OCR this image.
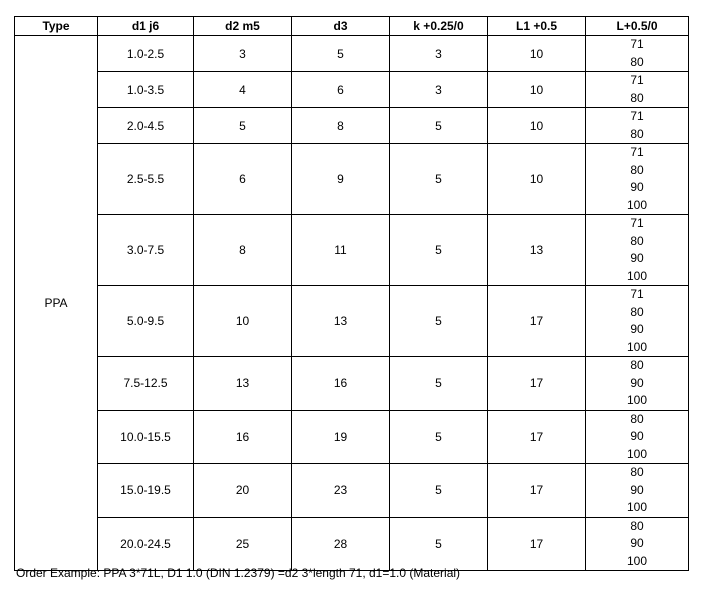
Type	d1 j6	d2 m5	d3	k +0.25/0	L1 +0.5	L+0.5/0
PPA	1.0-2.5	3	5	3	10	71
80

	1.0-3.5	4	6	3	10	71
80

	2.0-4.5	5	8	5	10	71
80

	2.5-5.5	6	9	5	10	71
80
90
100

	3.0-7.5	8	11	5	13	71
80
90
100

	5.0-9.5	10	13	5	17	71
80
90
100

	7.5-12.5	13	16	5	17	80
90
100

	10.0-15.5	16	19	5	17	80
90
100

	15.0-19.5	20	23	5	17	80
90
100

	20.0-24.5	25	28	5	17	80
90
100
Order Example: PPA 3*71L, D1 1.0 (DIN 1.2379) =d2 3*length 71, d1=1.0 (Material)
